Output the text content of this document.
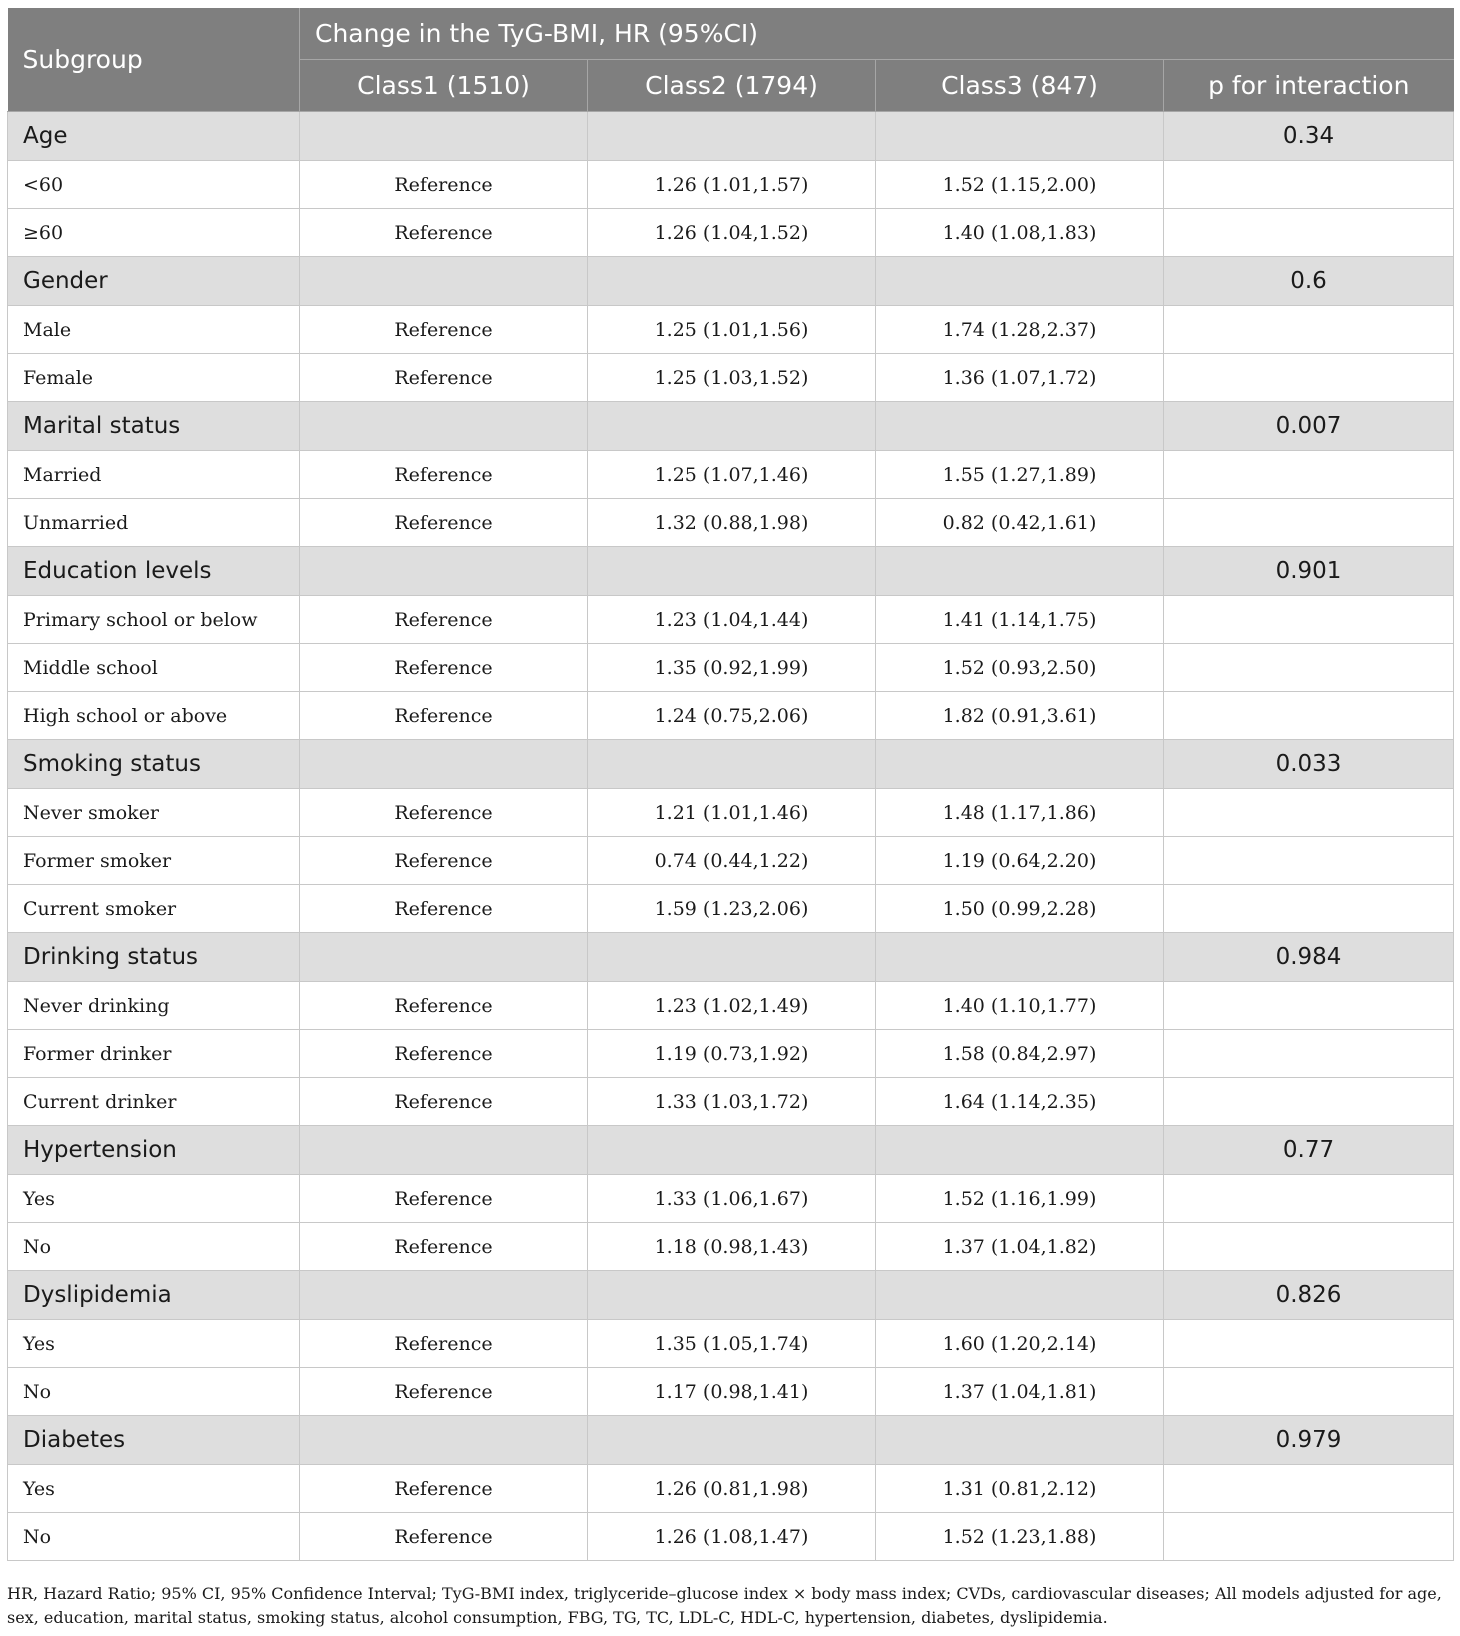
Subgroup	Change in the TyG-BMI, HR (95%CI)			
	Class1 (1510)	Class2 (1794)	Class3 (847)	p for interaction
Age				0.34
<60	Reference	1.26 (1.01,1.57)	1.52 (1.15,2.00)	
≥60	Reference	1.26 (1.04,1.52)	1.40 (1.08,1.83)	
Gender				0.6
Male	Reference	1.25 (1.01,1.56)	1.74 (1.28,2.37)	
Female	Reference	1.25 (1.03,1.52)	1.36 (1.07,1.72)	
Marital status				0.007
Married	Reference	1.25 (1.07,1.46)	1.55 (1.27,1.89)	
Unmarried	Reference	1.32 (0.88,1.98)	0.82 (0.42,1.61)	
Education levels				0.901
Primary school or below	Reference	1.23 (1.04,1.44)	1.41 (1.14,1.75)	
Middle school	Reference	1.35 (0.92,1.99)	1.52 (0.93,2.50)	
High school or above	Reference	1.24 (0.75,2.06)	1.82 (0.91,3.61)	
Smoking status				0.033
Never smoker	Reference	1.21 (1.01,1.46)	1.48 (1.17,1.86)	
Former smoker	Reference	0.74 (0.44,1.22)	1.19 (0.64,2.20)	
Current smoker	Reference	1.59 (1.23,2.06)	1.50 (0.99,2.28)	
Drinking status				0.984
Never drinking	Reference	1.23 (1.02,1.49)	1.40 (1.10,1.77)	
Former drinker	Reference	1.19 (0.73,1.92)	1.58 (0.84,2.97)	
Current drinker	Reference	1.33 (1.03,1.72)	1.64 (1.14,2.35)	
Hypertension				0.77
Yes	Reference	1.33 (1.06,1.67)	1.52 (1.16,1.99)	
No	Reference	1.18 (0.98,1.43)	1.37 (1.04,1.82)	
Dyslipidemia				0.826
Yes	Reference	1.35 (1.05,1.74)	1.60 (1.20,2.14)	
No	Reference	1.17 (0.98,1.41)	1.37 (1.04,1.81)	
Diabetes				0.979
Yes	Reference	1.26 (0.81,1.98)	1.31 (0.81,2.12)	
No	Reference	1.26 (1.08,1.47)	1.52 (1.23,1.88)	
HR, Hazard Ratio; 95% CI, 95% Confidence Interval; TyG-BMI index, triglyceride–glucose index × body mass index; CVDs, cardiovascular diseases; All models adjusted for age, sex, education, marital status, smoking status, alcohol consumption, FBG, TG, TC, LDL-C, HDL-C, hypertension, diabetes, dyslipidemia.
